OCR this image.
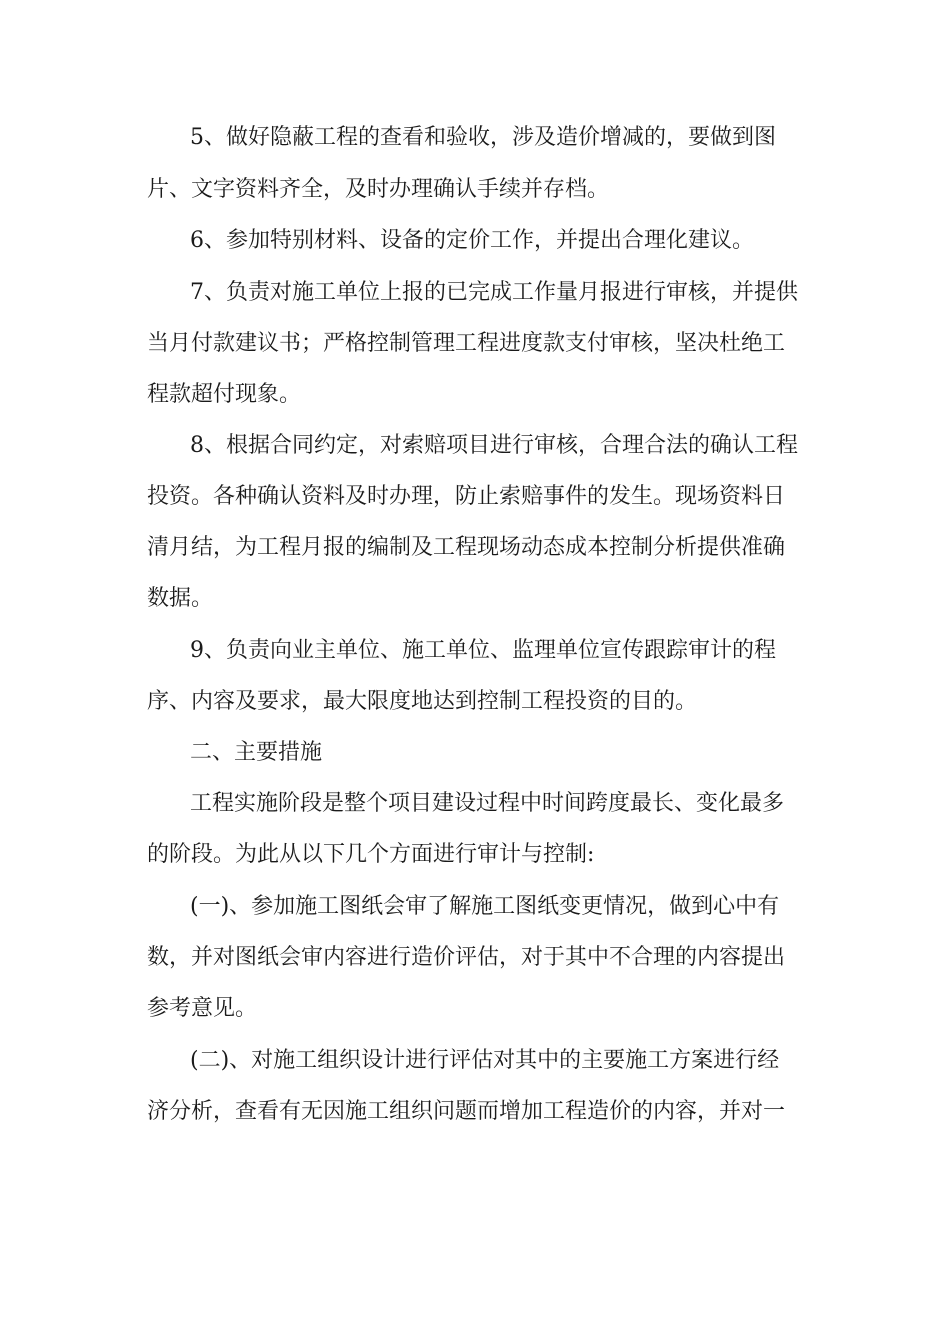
5、做好隐蔽工程的查看和验收，涉及造价增减的，要做到图
片、文字资料齐全，及时办理确认手续并存档。
6、参加特别材料、设备的定价工作，并提出合理化建议。
7、负责对施工单位上报的已完成工作量月报进行审核，并提供
当月付款建议书；严格控制管理工程进度款支付审核，坚决杜绝工
程款超付现象。
8、根据合同约定，对索赔项目进行审核，合理合法的确认工程
投资。各种确认资料及时办理，防止索赔事件的发生。现场资料日
清月结，为工程月报的编制及工程现场动态成本控制分析提供准确
数据。
9、负责向业主单位、施工单位、监理单位宣传跟踪审计的程
序、内容及要求，最大限度地达到控制工程投资的目的。
二、主要措施
工程实施阶段是整个项目建设过程中时间跨度最长、变化最多
的阶段。为此从以下几个方面进行审计与控制:
(一)、参加施工图纸会审了解施工图纸变更情况，做到心中有
数，并对图纸会审内容进行造价评估，对于其中不合理的内容提出
参考意见。
(二)、对施工组织设计进行评估对其中的主要施工方案进行经
济分析，查看有无因施工组织问题而增加工程造价的内容，并对一
